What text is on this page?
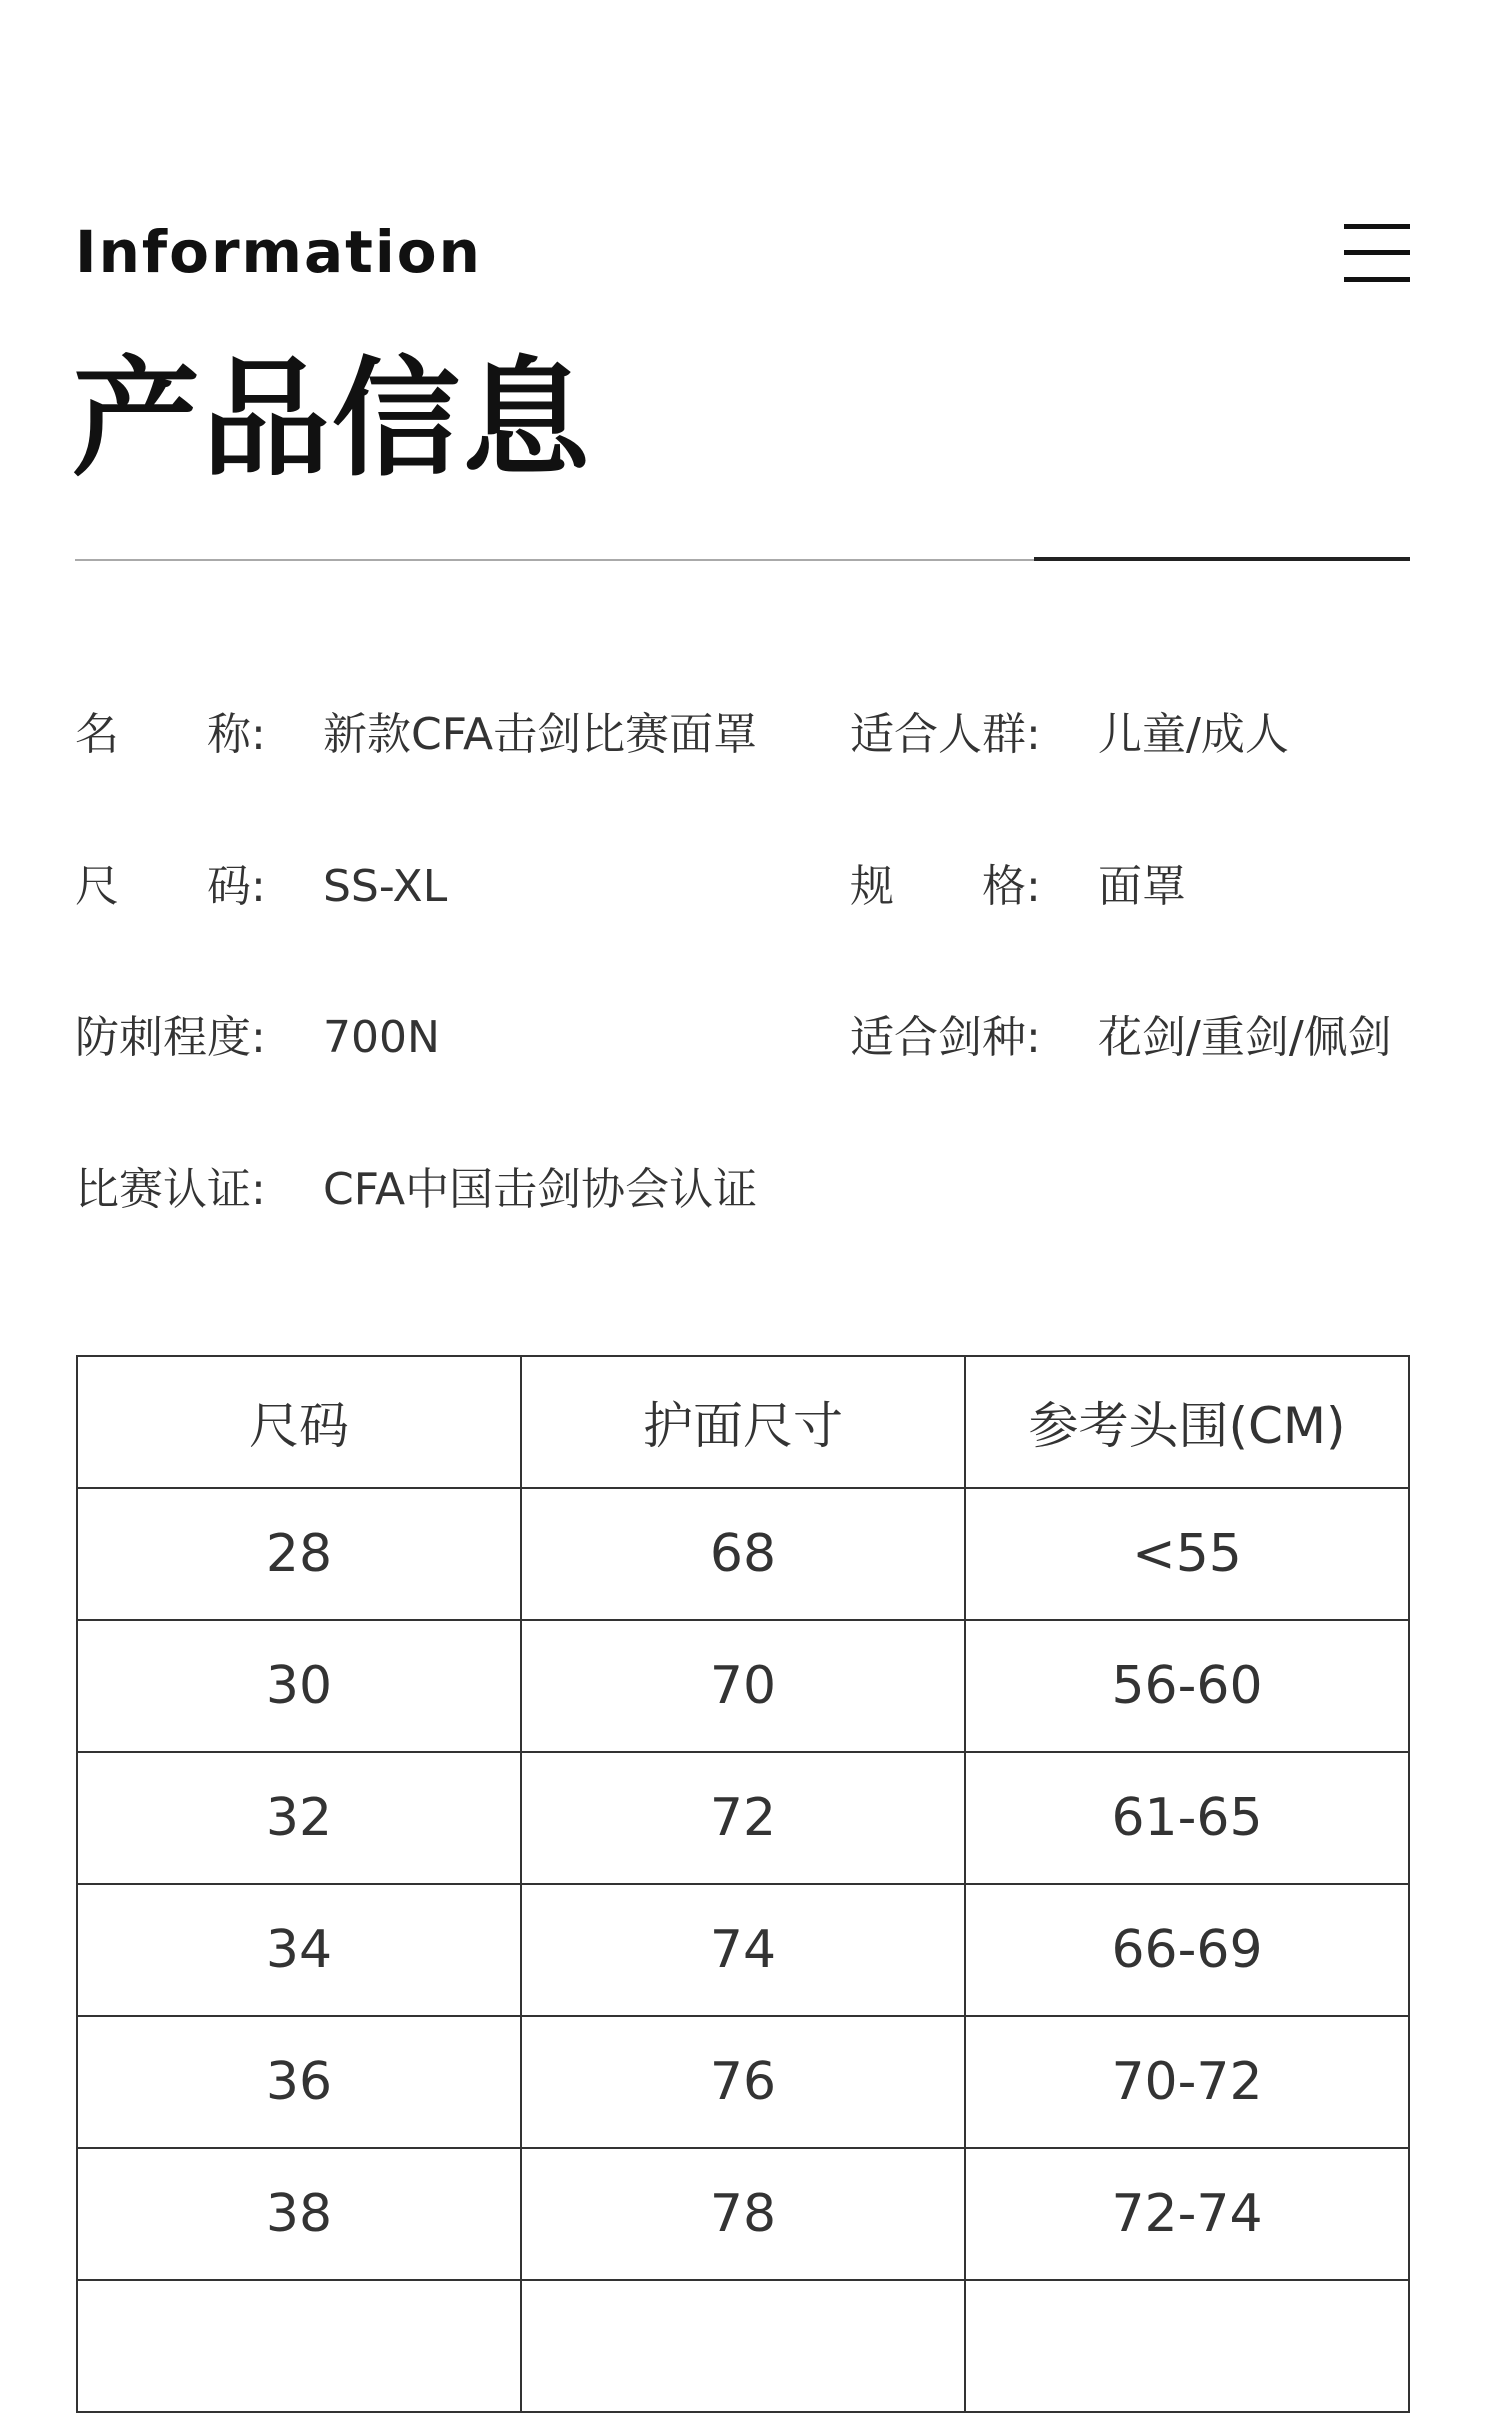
Information
产品信息
名　　称: 新款CFA击剑比赛面罩 适合人群: 儿童/成人
尺　　码: SS-XL	规　　格: 面罩
防刺程度: 700N	适合剑种: 花剑/重剑/佩剑
比赛认证: CFA中国击剑协会认证
尺码	护面尺寸	参考头围(CM)
28	68	<55
30	70	56-60
32	72	61-65
34	74	66-69
36	76	70-72
38	78	72-74
